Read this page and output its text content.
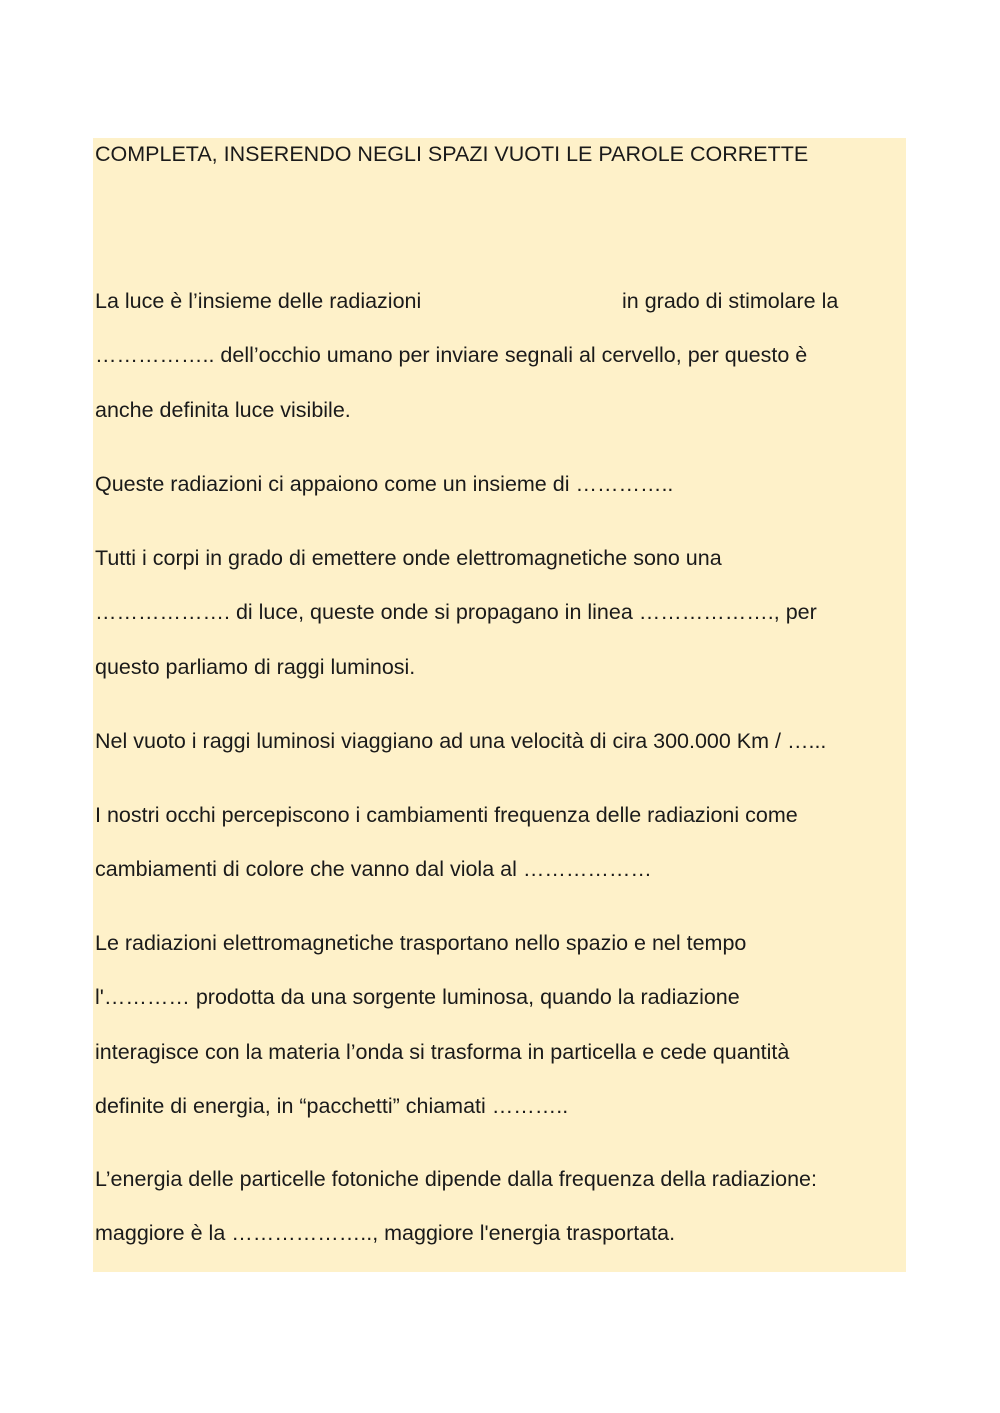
COMPLETA, INSERENDO NEGLI SPAZI VUOTI LE PAROLE CORRETTE
La luce è l’insieme delle radiazioni	in grado di stimolare la
…………….. dell’occhio umano per inviare segnali al cervello, per questo è
anche definita luce visibile.
Queste radiazioni ci appaiono come un insieme di …………..
Tutti i corpi in grado di emettere onde elettromagnetiche sono una
………………. di luce, queste onde si propagano in linea ………………., per
questo parliamo di raggi luminosi.
Nel vuoto i raggi luminosi viaggiano ad una velocità di cira 300.000 Km / …...
I nostri occhi percepiscono i cambiamenti frequenza delle radiazioni come
cambiamenti di colore che vanno dal viola al ………………
Le radiazioni elettromagnetiche trasportano nello spazio e nel tempo
l'………… prodotta da una sorgente luminosa, quando la radiazione
interagisce con la materia l’onda si trasforma in particella e cede quantità
definite di energia, in “pacchetti” chiamati ………..
L’energia delle particelle fotoniche dipende dalla frequenza della radiazione:
maggiore è la ……………….., maggiore l'energia trasportata.
